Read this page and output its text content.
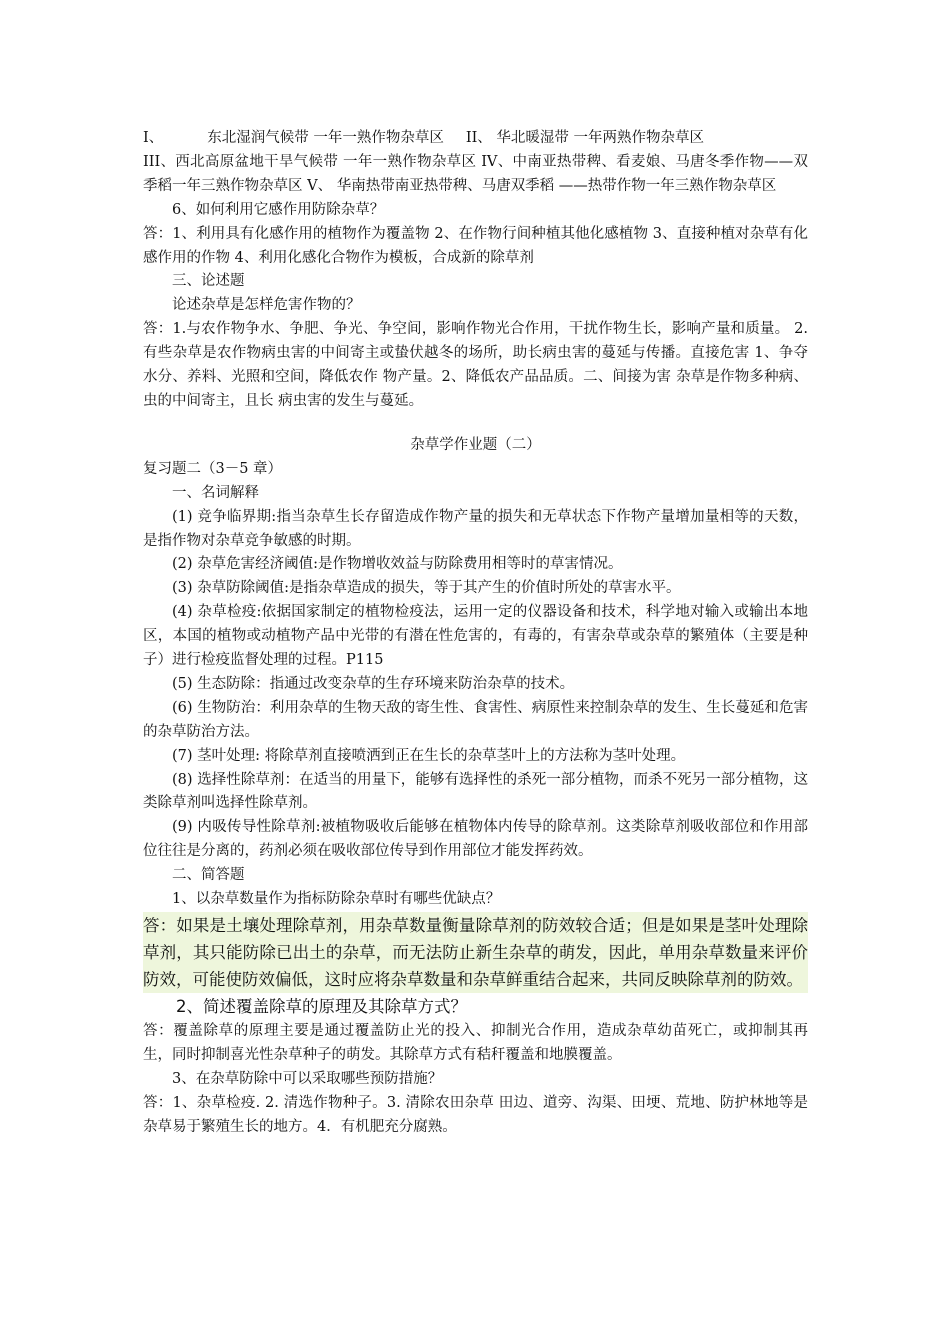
I、	东北湿润气候带 一年一熟作物杂草区 II、 华北暖湿带 一年两熟作物杂草区

III、西北高原盆地干旱气候带 一年一熟作物杂草区 IV、中南亚热带稗、看麦娘、马唐冬季作物——双季稻一年三熟作物杂草区 V、 华南热带南亚热带稗、马唐双季稻 ——热带作物一年三熟作物杂草区

6、如何利用它感作用防除杂草？

答：1、利用具有化感作用的植物作为覆盖物 2、在作物行间种植其他化感植物 3、直接种植对杂草有化感作用的作物 4、利用化感化合物作为模板，合成新的除草剂

三、论述题

论述杂草是怎样危害作物的？

答：1.与农作物争水、争肥、争光、争空间，影响作物光合作用，干扰作物生长，影响产量和质量。 2.有些杂草是农作物病虫害的中间寄主或蛰伏越冬的场所，助长病虫害的蔓延与传播。直接危害 1、争夺水分、养料、光照和空间，降低农作 物产量。2、降低农产品品质。二、间接为害 杂草是作物多种病、虫的中间寄主，且长 病虫害的发生与蔓延。

杂草学作业题（二）

复习题二（3－5 章）

一、名词解释

(1) 竞争临界期:指当杂草生长存留造成作物产量的损失和无草状态下作物产量增加量相等的天数，是指作物对杂草竞争敏感的时期。

(2) 杂草危害经济阈值:是作物增收效益与防除费用相等时的草害情况。

(3) 杂草防除阈值:是指杂草造成的损失，等于其产生的价值时所处的草害水平。

(4) 杂草检疫:依据国家制定的植物检疫法，运用一定的仪器设备和技术，科学地对输入或输出本地区，本国的植物或动植物产品中光带的有潜在性危害的，有毒的，有害杂草或杂草的繁殖体（主要是种子）进行检疫监督处理的过程。P115

(5) 生态防除：指通过改变杂草的生存环境来防治杂草的技术。

(6) 生物防治：利用杂草的生物天敌的寄生性、食害性、病原性来控制杂草的发生、生长蔓延和危害的杂草防治方法。

(7) 茎叶处理: 将除草剂直接喷洒到正在生长的杂草茎叶上的方法称为茎叶处理。

(8) 选择性除草剂：在适当的用量下，能够有选择性的杀死一部分植物，而杀不死另一部分植物，这类除草剂叫选择性除草剂。

(9) 内吸传导性除草剂:被植物吸收后能够在植物体内传导的除草剂。这类除草剂吸收部位和作用部位往往是分离的，药剂必须在吸收部位传导到作用部位才能发挥药效。

二、简答题

1、以杂草数量作为指标防除杂草时有哪些优缺点？

答：如果是土壤处理除草剂，用杂草数量衡量除草剂的防效较合适；但是如果是茎叶处理除草剂，其只能防除已出土的杂草，而无法防止新生杂草的萌发，因此，单用杂草数量来评价防效，可能使防效偏低，这时应将杂草数量和杂草鲜重结合起来，共同反映除草剂的防效。

2、简述覆盖除草的原理及其除草方式？

答：覆盖除草的原理主要是通过覆盖防止光的投入、抑制光合作用，造成杂草幼苗死亡，或抑制其再生，同时抑制喜光性杂草种子的萌发。其除草方式有秸秆覆盖和地膜覆盖。

3、在杂草防除中可以采取哪些预防措施？

答：1、杂草检疫. 2. 清选作物种子。3. 清除农田杂草 田边、道旁、沟渠、田埂、荒地、防护林地等是杂草易于繁殖生长的地方。4．有机肥充分腐熟。
